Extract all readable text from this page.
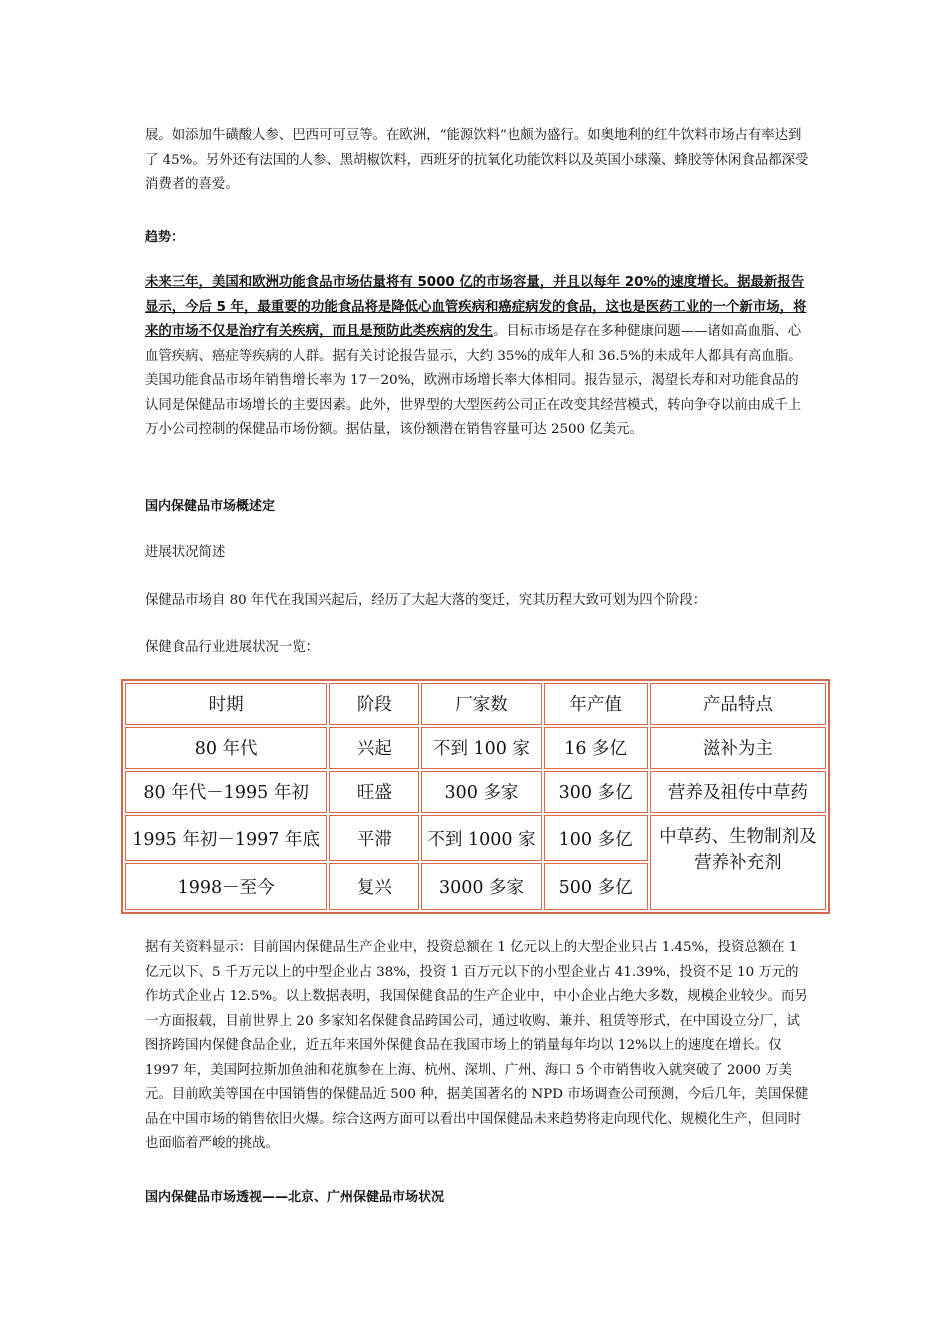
展。如添加牛磺酸人参、巴西可可豆等。在欧洲，“能源饮料”也颇为盛行。如奥地利的红牛饮料市场占有率达到了 45%。另外还有法国的人参、黑胡椒饮料，西班牙的抗氧化功能饮料以及英国小球藻、蜂胶等休闲食品都深受消费者的喜爱。

趋势：

未来三年，美国和欧洲功能食品市场估量将有 5000 亿的市场容量，并且以每年 20%的速度增长。据最新报告显示，今后 5 年，最重要的功能食品将是降低心血管疾病和癌症病发的食品，这也是医药工业的一个新市场，将来的市场不仅是治疗有关疾病，而且是预防此类疾病的发生。目标市场是存在多种健康问题——诸如高血脂、心血管疾病、癌症等疾病的人群。据有关讨论报告显示，大约 35%的成年人和 36.5%的未成年人都具有高血脂。美国功能食品市场年销售增长率为 17－20%，欧洲市场增长率大体相同。报告显示，渴望长寿和对功能食品的认同是保健品市场增长的主要因素。此外，世界型的大型医药公司正在改变其经营模式，转向争夺以前由成千上万小公司控制的保健品市场份额。据估量，该份额潜在销售容量可达 2500 亿美元。

国内保健品市场概述定

进展状况简述

保健品市场自 80 年代在我国兴起后，经历了大起大落的变迁，究其历程大致可划为四个阶段：

保健食品行业进展状况一览：

时期	阶段	厂家数	年产值	产品特点
80 年代	兴起	不到 100 家	16 多亿	滋补为主
80 年代－1995 年初	旺盛	300 多家	300 多亿	营养及祖传中草药
1995 年初－1997 年底	平滞	不到 1000 家	100 多亿	中草药、生物制剂及营养补充剂
1998－至今	复兴	3000 多家	500 多亿	

据有关资料显示：目前国内保健品生产企业中，投资总额在 1 亿元以上的大型企业只占 1.45%，投资总额在 1 亿元以下、5 千万元以上的中型企业占 38%，投资 1 百万元以下的小型企业占 41.39%，投资不足 10 万元的作坊式企业占 12.5%。以上数据表明，我国保健食品的生产企业中，中小企业占绝大多数，规模企业较少。而另一方面报载，目前世界上 20 多家知名保健食品跨国公司，通过收购、兼并、租赁等形式，在中国设立分厂，试图挤跨国内保健食品企业，近五年来国外保健食品在我国市场上的销量每年均以 12%以上的速度在增长。仅 1997 年，美国阿拉斯加鱼油和花旗参在上海、杭州、深圳、广州、海口 5 个市销售收入就突破了 2000 万美元。目前欧美等国在中国销售的保健品近 500 种，据美国著名的 NPD 市场调查公司预测，今后几年，美国保健品在中国市场的销售依旧火爆。综合这两方面可以看出中国保健品未来趋势将走向现代化、规模化生产，但同时也面临着严峻的挑战。

国内保健品市场透视——北京、广州保健品市场状况
